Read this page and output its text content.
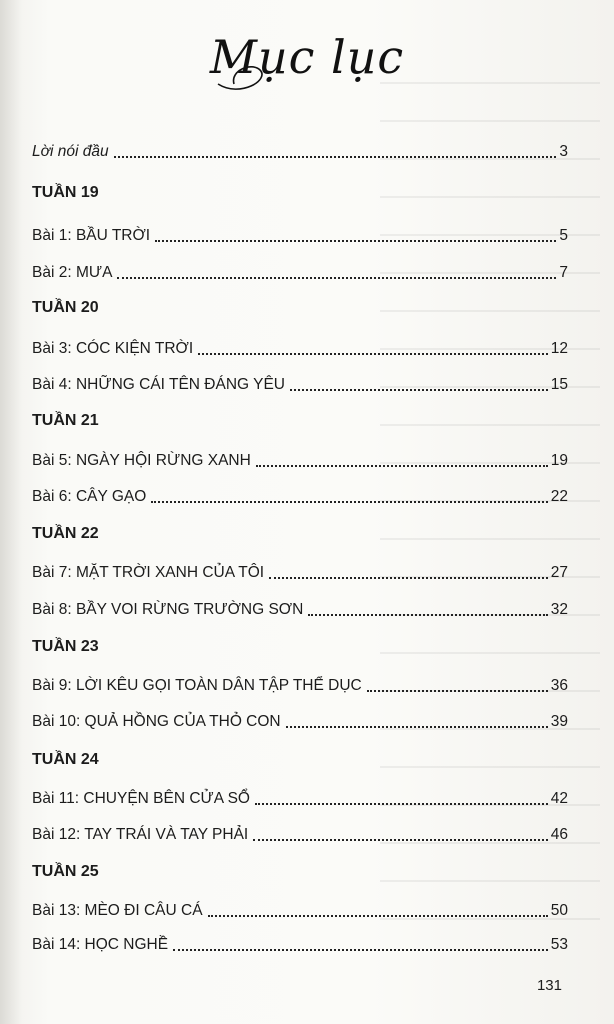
Mục lục
Lời nói đầu	3
TUẦN 19
Bài 1: BẦU TRỜI	5
Bài 2: MƯA	7
TUẦN 20
Bài 3: CÓC KIỆN TRỜI	12
Bài 4: NHỮNG CÁI TÊN ĐÁNG YÊU	15
TUẦN 21
Bài 5: NGÀY HỘI RỪNG XANH	19
Bài 6: CÂY GẠO	22
TUẦN 22
Bài 7: MẶT TRỜI XANH CỦA TÔI	27
Bài 8: BẦY VOI RỪNG TRƯỜNG SƠN	32
TUẦN 23
Bài 9: LỜI KÊU GỌI TOÀN DÂN TẬP THỂ DỤC	36
Bài 10: QUẢ HỒNG CỦA THỎ CON	39
TUẦN 24
Bài 11: CHUYỆN BÊN CỬA SỔ	42
Bài 12: TAY TRÁI VÀ TAY PHẢI	46
TUẦN 25
Bài 13: MÈO ĐI CÂU CÁ	50
Bài 14: HỌC NGHỀ	53
131
